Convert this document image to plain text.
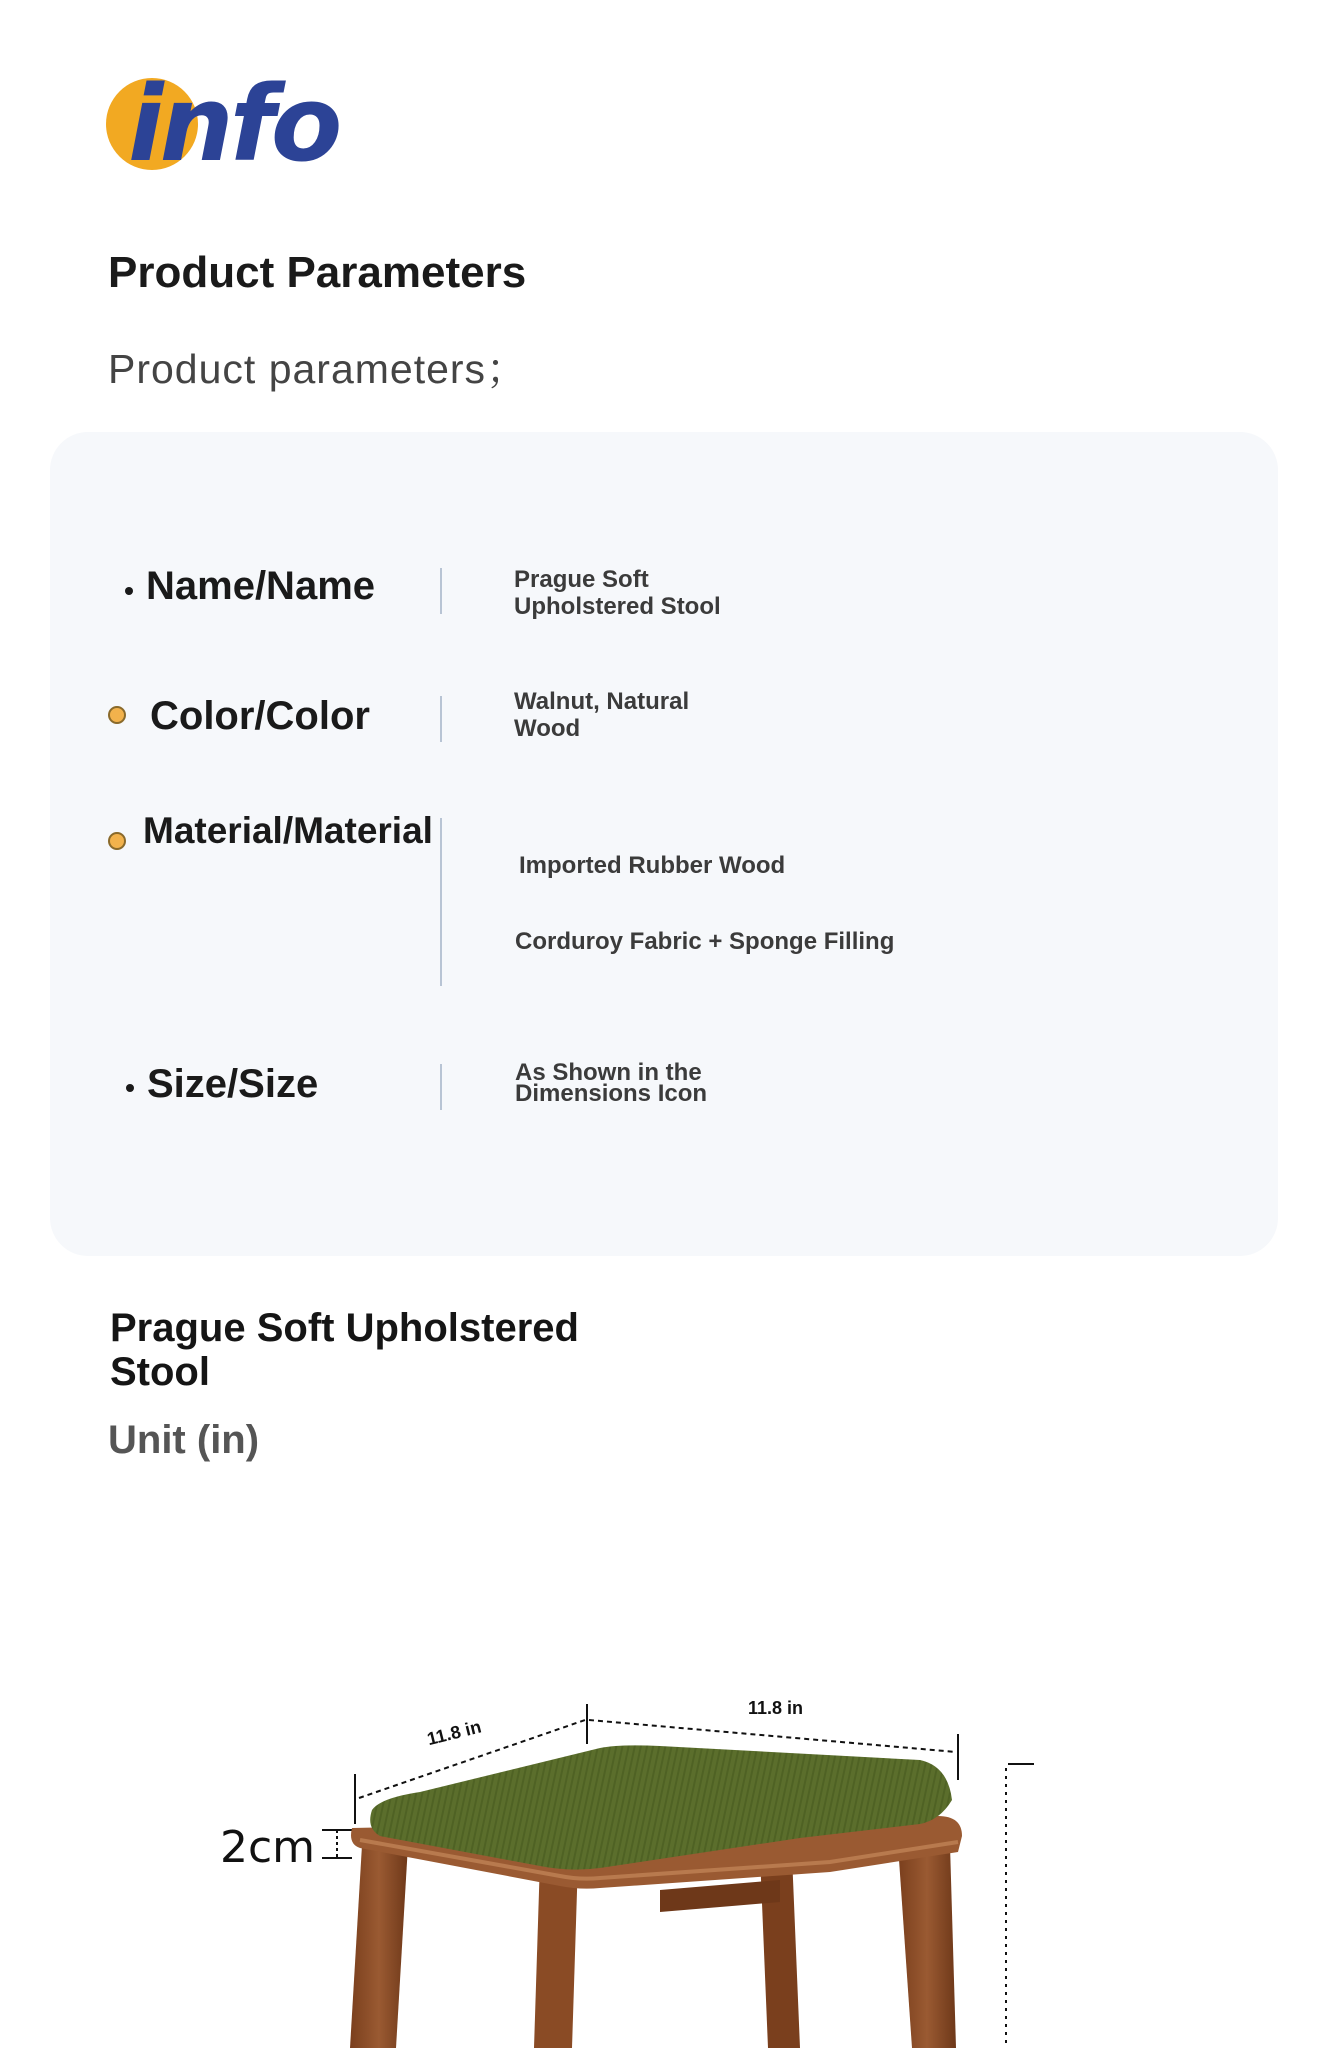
info
Product Parameters
Product parameters；
Name/Name	Prague Soft
Upholstered Stool
Color/Color	Walnut, Natural
Wood
Material/Material
Imported Rubber Wood
Corduroy Fabric + Sponge Filling
Size/Size	As Shown in the
Dimensions Icon
Prague Soft Upholstered
Stool
Unit (in)
11.8 in
11.8 in
2cm
